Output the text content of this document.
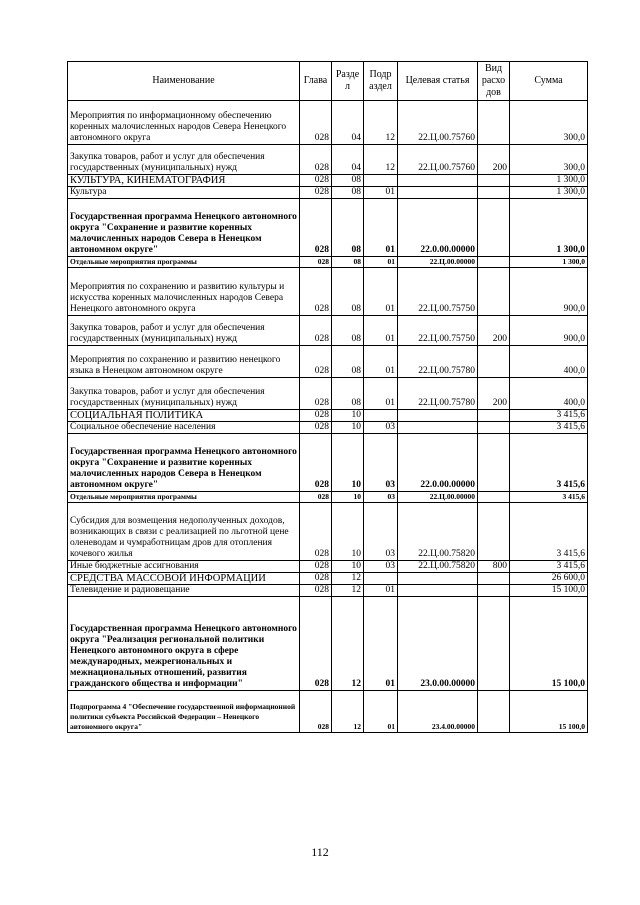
Наименование	Глава	Разде л	Подр аздел	Целевая статья	Вид расхо дов	Сумма
Мероприятия по информационному обеспечению коренных малочисленных народов Севера Ненецкого автономного округа	028	04	12	22.Ц.00.75760		300,0
Закупка товаров, работ и услуг для обеспечения государственных (муниципальных) нужд	028	04	12	22.Ц.00.75760	200	300,0
КУЛЬТУРА, КИНЕМАТОГРАФИЯ	028	08				1 300,0
Культура	028	08	01			1 300,0
Государственная программа Ненецкого автономного округа "Сохранение и развитие коренных малочисленных народов Севера в Ненецком автономном округе"	028	08	01	22.0.00.00000		1 300,0
Отдельные мероприятия программы	028	08	01	22.Ц.00.00000		1 300,0
Мероприятия по сохранению и развитию культуры и искусства коренных малочисленных народов Севера Ненецкого автономного округа	028	08	01	22.Ц.00.75750		900,0
Закупка товаров, работ и услуг для обеспечения государственных (муниципальных) нужд	028	08	01	22.Ц.00.75750	200	900,0
Мероприятия по сохранению и развитию ненецкого языка в Ненецком автономном округе	028	08	01	22.Ц.00.75780		400,0
Закупка товаров, работ и услуг для обеспечения государственных (муниципальных) нужд	028	08	01	22.Ц.00.75780	200	400,0
СОЦИАЛЬНАЯ ПОЛИТИКА	028	10				3 415,6
Социальное обеспечение населения	028	10	03			3 415,6
Государственная программа Ненецкого автономного округа "Сохранение и развитие коренных малочисленных народов Севера в Ненецком автономном округе"	028	10	03	22.0.00.00000		3 415,6
Отдельные мероприятия программы	028	10	03	22.Ц.00.00000		3 415,6
Субсидия для возмещения недополученных доходов, возникающих в связи с реализацией по льготной цене оленеводам и чумработницам дров для отопления кочевого жилья	028	10	03	22.Ц.00.75820		3 415,6
Иные бюджетные ассигнования	028	10	03	22.Ц.00.75820	800	3 415,6
СРЕДСТВА МАССОВОЙ ИНФОРМАЦИИ	028	12				26 600,0
Телевидение и радиовещание	028	12	01			15 100,0
Государственная программа Ненецкого автономного округа "Реализация региональной политики Ненецкого автономного округа в сфере международных, межрегиональных и межнациональных отношений, развития гражданского общества и информации"	028	12	01	23.0.00.00000		15 100,0
Подпрограмма 4 "Обеспечение государственной информационной политики субъекта Российской Федерации – Ненецкого автономного округа"	028	12	01	23.4.00.00000		15 100,0
112
